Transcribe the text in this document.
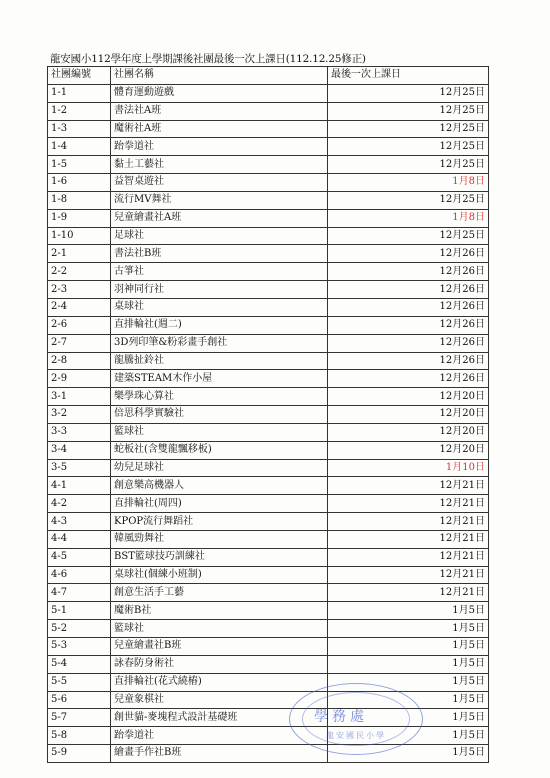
龍安國小112學年度上學期課後社團最後一次上課日(112.12.25修正)
社團編號	社團名稱	最後一次上課日
1-1	體育運動遊戲	12月25日
1-2	書法社A班	12月25日
1-3	魔術社A班	12月25日
1-4	跆拳道社	12月25日
1-5	黏土工藝社	12月25日
1-6	益智桌遊社	1月8日
1-8	流行MV舞社	12月25日
1-9	兒童繪畫社A班	1月8日
1-10	足球社	12月25日
2-1	書法社B班	12月26日
2-2	古箏社	12月26日
2-3	羽神同行社	12月26日
2-4	桌球社	12月26日
2-6	直排輪社(週二)	12月26日
2-7	3D列印筆&粉彩畫手創社	12月26日
2-8	龍騰扯鈴社	12月26日
2-9	建築STEAM木作小屋	12月26日
3-1	樂學珠心算社	12月20日
3-2	倍思科學實驗社	12月20日
3-3	籃球社	12月20日
3-4	蛇板社(含雙龍飄移板)	12月20日
3-5	幼兒足球社	1月10日
4-1	創意樂高機器人	12月21日
4-2	直排輪社(周四)	12月21日
4-3	KPOP流行舞蹈社	12月21日
4-4	韓風勁舞社	12月21日
4-5	BST籃球技巧訓練社	12月21日
4-6	桌球社(個練小班制)	12月21日
4-7	創意生活手工藝	12月21日
5-1	魔術B社	1月5日
5-2	籃球社	1月5日
5-3	兒童繪畫社B班	1月5日
5-4	詠春防身術社	1月5日
5-5	直排輪社(花式繞樁)	1月5日
5-6	兒童象棋社	1月5日
5-7	創世貓-麥塊程式設計基礎班	1月5日
5-8	跆拳道社	1月5日
5-9	繪畫手作社B班	1月5日
學務處
龍安國民小學
